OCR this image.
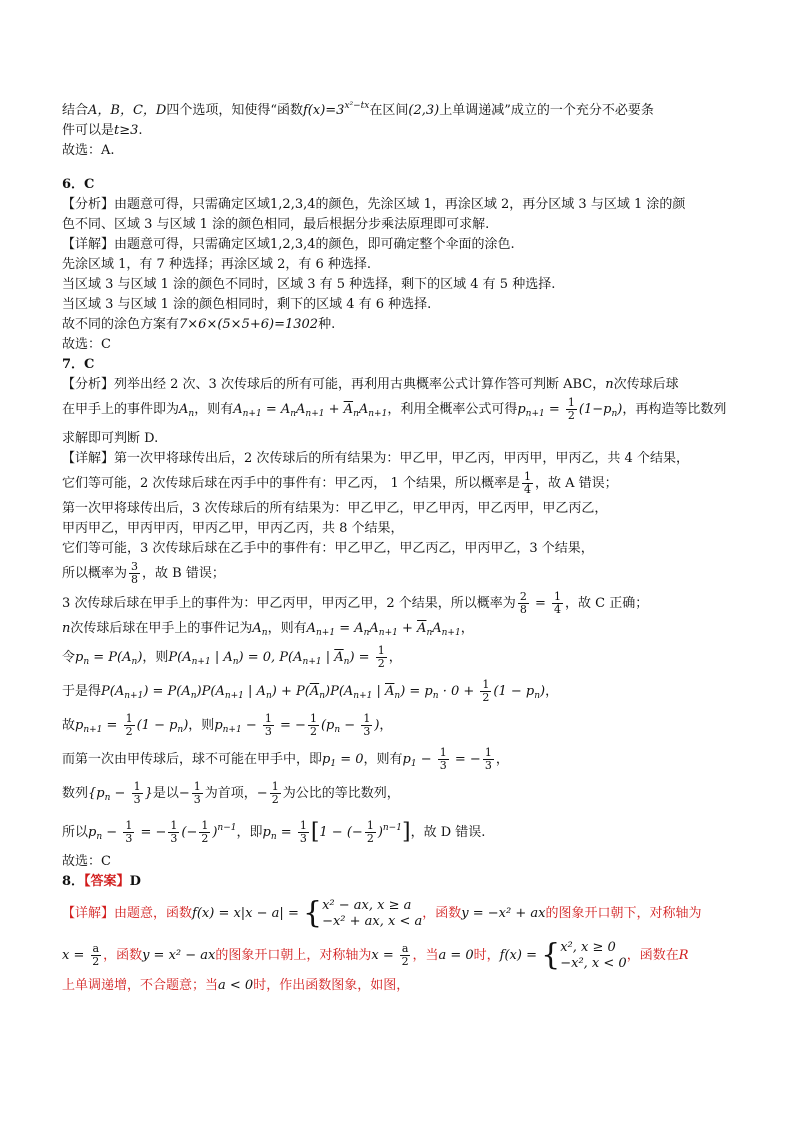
结合A，B，C，D四个选项，知使得“函数$f(x)=3^{x^2-tx}$在区间(2,3)上单调递减”成立的一个充分不必要条
件可以是t≥3.
故选：A.
6．C
【分析】由题意可得，只需确定区域1,2,3,4的颜色，先涂区域 1，再涂区域 2，再分区域 3 与区域 1 涂的颜
色不同、区域 3 与区域 1 涂的颜色相同，最后根据分步乘法原理即可求解.
【详解】由题意可得，只需确定区域1,2,3,4的颜色，即可确定整个伞面的涂色.
先涂区域 1，有 7 种选择；再涂区域 2，有 6 种选择.
当区域 3 与区域 1 涂的颜色不同时，区域 3 有 5 种选择，剩下的区域 4 有 5 种选择.
当区域 3 与区域 1 涂的颜色相同时，剩下的区域 4 有 6 种选择.
故不同的涂色方案有7×6×(5×5+6)=1302种.
故选：C
7．C
【分析】列举出经 2 次、3 次传球后的所有可能，再利用古典概率公式计算作答可判断 ABC，n次传球后球
在甲手上的事件即为$A_n$，则有$A_{n+1} = A_nA_{n+1} + \overline{A}_nA_{n+1}$，利用全概率公式可得$p_{n+1} = \frac{1}{2} (1-p_n)$，再构造等比数列
求解即可判断 D.
【详解】第一次甲将球传出后，2 次传球后的所有结果为：甲乙甲，甲乙丙，甲丙甲，甲丙乙，共 4 个结果，
它们等可能，2 次传球后球在丙手中的事件有：甲乙丙， 1 个结果，所以概率是 $\frac{1}{4}$ ，故 A 错误；
第一次甲将球传出后，3 次传球后的所有结果为：甲乙甲乙，甲乙甲丙，甲乙丙甲，甲乙丙乙，
甲丙甲乙，甲丙甲丙，甲丙乙甲，甲丙乙丙，共 8 个结果，
它们等可能，3 次传球后球在乙手中的事件有：甲乙甲乙，甲乙丙乙，甲丙甲乙，3 个结果，
所以概率为 $\frac{3}{8}$ ，故 B 错误；
3 次传球后球在甲手上的事件为：甲乙丙甲，甲丙乙甲，2 个结果，所以概率为 $\frac{2}{8} = \frac{1}{4}$ ，故 C 正确；
n次传球后球在甲手上的事件记为$A_n$，则有$A_{n+1} = A_nA_{n+1} + \overline{A}_nA_{n+1}$，
令$p_n = P(A_n)$，则$P(A_{n+1}$ | $A_n) = 0$, $P(A_{n+1}$ | $\overline{A}_n) = \frac{1}{2}$ ，
于是得$P(A_{n+1}) = P(A_n)P(A_{n+1}$ | $A_n) + P(\overline{A}_n)P(A_{n+1}$ | $\overline{A}_n) = p_n \cdot 0 + \frac{1}{2} (1 - p_n)$，
故$p_{n+1} = \frac{1}{2} (1 - p_n)$，则$p_{n+1} - \frac{1}{3}$ = − $\frac{1}{2} (p_n - \frac{1}{3}$ )，
而第一次由甲传球后，球不可能在甲手中，即$p_1 = 0$，则有$p_1 - \frac{1}{3}$ = − $\frac{1}{3}$ ，
数列{$p_n - \frac{1}{3}$ }是以− $\frac{1}{3}$ 为首项，− $\frac{1}{2}$ 为公比的等比数列，
所以$p_n - \frac{1}{3}$ = − $\frac{1}{3}$ (− $\frac{1}{2} )^{n-1}$，即$p_n = \frac{1}{3} [1$ − (− $\frac{1}{2} )^{n-1}$]，故 D 错误.
故选：C
8．【答案】D
【详解】由题意，函数f(x) = x|x − a| = { x² − ax, x ≥ a
−x² + ax, x < a ，函数y = −x² + ax的图象开口朝下，对称轴为
$x = \frac{a}{2}$ ，函数y = x² − ax的图象开口朝上，对称轴为$x = \frac{a}{2}$ ，当a = 0时，f(x) = { x², x ≥ 0
−x², x < 0 ，函数在R
上单调递增，不合题意；当a < 0时，作出函数图象，如图，
